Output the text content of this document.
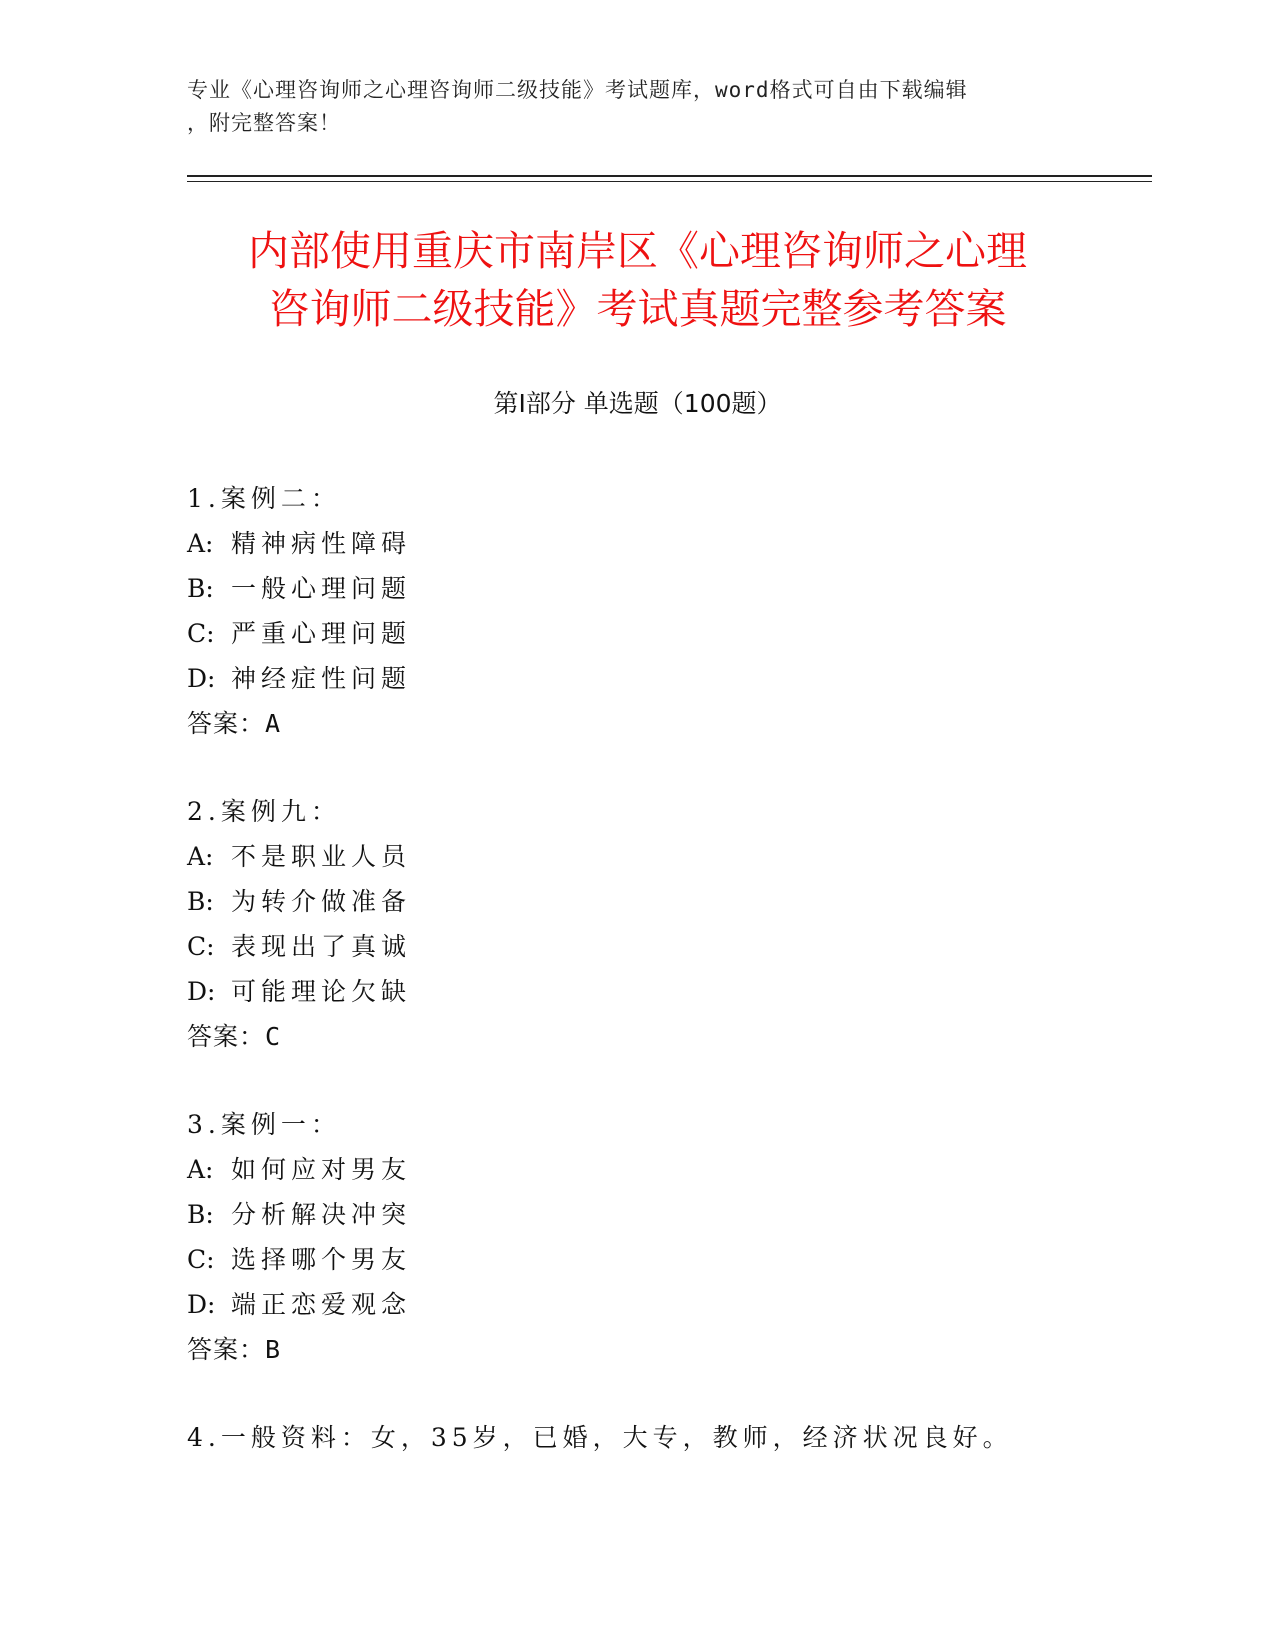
专业《心理咨询师之心理咨询师二级技能》考试题库，word格式可自由下载编辑
，附完整答案！
内部使用重庆市南岸区《心理咨询师之心理
咨询师二级技能》考试真题完整参考答案
第Ⅰ部分 单选题（100题）
1.案例二：
A: 精神病性障碍
B: 一般心理问题
C: 严重心理问题
D: 神经症性问题
答案：A
2.案例九：
A: 不是职业人员
B: 为转介做准备
C: 表现出了真诚
D: 可能理论欠缺
答案：C
3.案例一：
A: 如何应对男友
B: 分析解决冲突
C: 选择哪个男友
D: 端正恋爱观念
答案：B
4.一般资料：女，35岁，已婚，大专，教师，经济状况良好。
